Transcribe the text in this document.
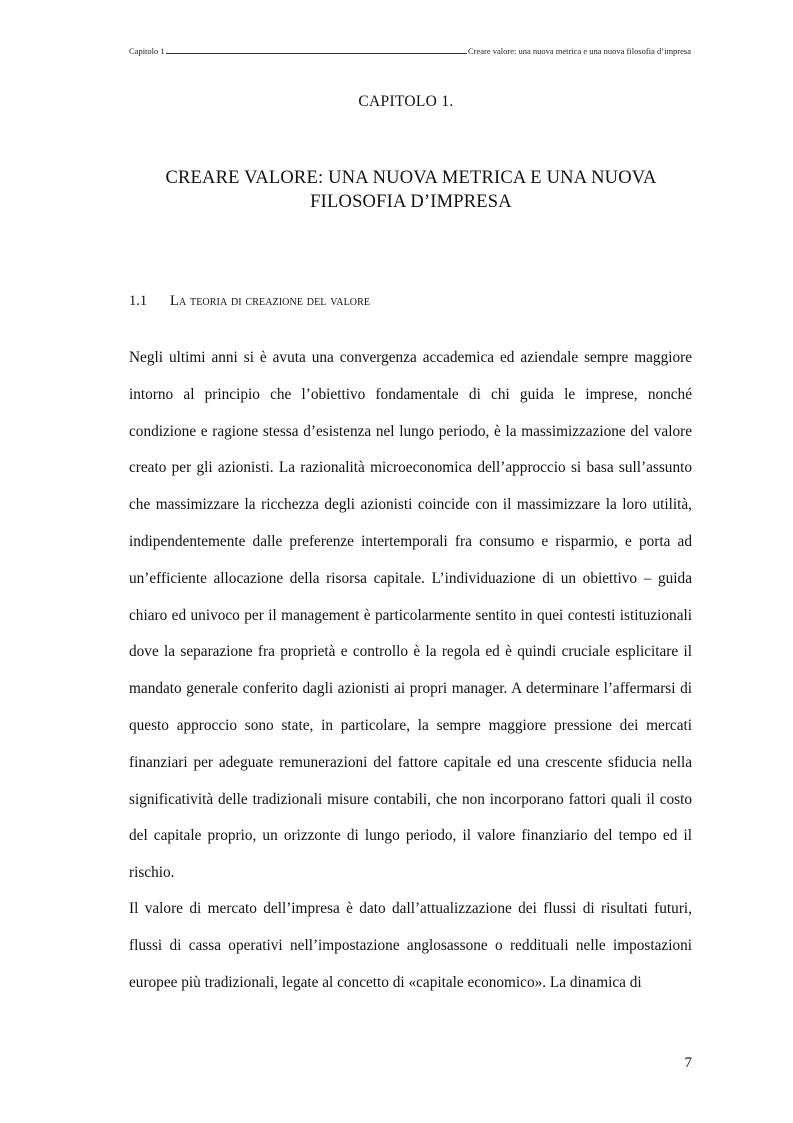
Capitolo 1	Creare valore: una nuova metrica e una nuova filosofia d’impresa
CAPITOLO 1.
CREARE VALORE: UNA NUOVA METRICA E UNA NUOVA
FILOSOFIA D’IMPRESA
1.1	La teoria di creazione del valore

Negli ultimi anni si è avuta una convergenza accademica ed aziendale sempre maggiore intorno al principio che l’obiettivo fondamentale di chi guida le imprese, nonché condizione e ragione stessa d’esistenza nel lungo periodo, è la massimizzazione del valore creato per gli azionisti. La razionalità microeconomica dell’approccio si basa sull’assunto che massimizzare la ricchezza degli azionisti coincide con il massimizzare la loro utilità, indipendentemente dalle preferenze intertemporali fra consumo e risparmio, e porta ad un’efficiente allocazione della risorsa capitale. L’individuazione di un obiettivo – guida chiaro ed univoco per il management è particolarmente sentito in quei contesti istituzionali dove la separazione fra proprietà e controllo è la regola ed è quindi cruciale esplicitare il mandato generale conferito dagli azionisti ai propri manager. A determinare l’affermarsi di questo approccio sono state, in particolare, la sempre maggiore pressione dei mercati finanziari per adeguate remunerazioni del fattore capitale ed una crescente sfiducia nella significatività delle tradizionali misure contabili, che non incorporano fattori quali il costo del capitale proprio, un orizzonte di lungo periodo, il valore finanziario del tempo ed il rischio.

Il valore di mercato dell’impresa è dato dall’attualizzazione dei flussi di risultati futuri, flussi di cassa operativi nell’impostazione anglosassone o reddituali nelle impostazioni europee più tradizionali, legate al concetto di «capitale economico». La dinamica di

7
